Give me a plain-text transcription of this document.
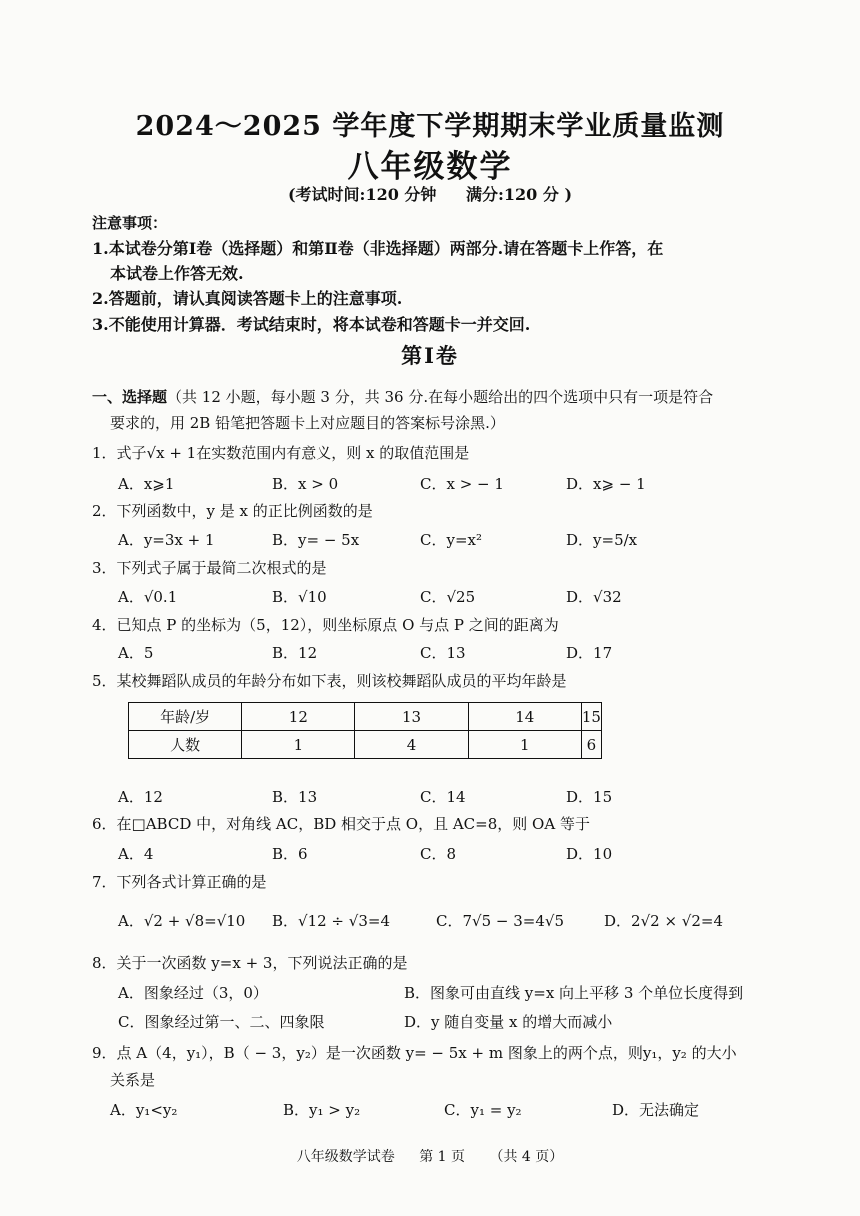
2024～2025 学年度下学期期末学业质量监测
八年级数学
(考试时间:120 分钟 满分:120 分 )
注意事项：
1.本试卷分第Ⅰ卷（选择题）和第Ⅱ卷（非选择题）两部分.请在答题卡上作答，在
本试卷上作答无效.
2.答题前，请认真阅读答题卡上的注意事项.
3.不能使用计算器．考试结束时，将本试卷和答题卡一并交回.
第Ⅰ卷
一、选择题（共 12 小题，每小题 3 分，共 36 分.在每小题给出的四个选项中只有一项是符合
要求的，用 2B 铅笔把答题卡上对应题目的答案标号涂黑.）
1．式子√x + 1在实数范围内有意义，则 x 的取值范围是
A．x⩾1	B．x > 0	C．x > − 1	D．x⩾ − 1
2．下列函数中，y 是 x 的正比例函数的是
A．y=3x + 1	B．y= − 5x	C．y=x²	D．y=5/x
3．下列式子属于最简二次根式的是
A．√0.1	B．√10	C．√25	D．√32
4．已知点 P 的坐标为（5，12），则坐标原点 O 与点 P 之间的距离为
A．5	B．12	C．13	D．17
5．某校舞蹈队成员的年龄分布如下表，则该校舞蹈队成员的平均年龄是
年龄/岁	12	13	14	15
人数	1	4	1	6
A．12	B．13	C．14	D．15
6．在□ABCD 中，对角线 AC，BD 相交于点 O，且 AC=8，则 OA 等于
A．4	B．6	C．8	D．10
7．下列各式计算正确的是
A．√2 + √8=√10 B．√12 ÷ √3=4	C．7√5 − 3=4√5	D．2√2 × √2=4
8．关于一次函数 y=x + 3，下列说法正确的是
A．图象经过（3，0）	B．图象可由直线 y=x 向上平移 3 个单位长度得到
C．图象经过第一、二、四象限	D．y 随自变量 x 的增大而减小
9．点 A（4，y₁），B（ − 3，y₂）是一次函数 y= − 5x + m 图象上的两个点，则y₁，y₂ 的大小
关系是
A．y₁<y₂	B．y₁ > y₂	C．y₁ = y₂	D．无法确定
八年级数学试卷 第 1 页 （共 4 页）
